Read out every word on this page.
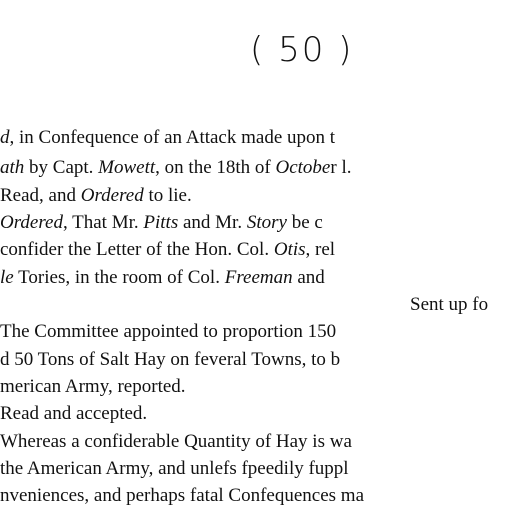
( 50 )
d, in Confequence of an Attack made upon t
ath by Capt. Mowett, on the 18th of October l.
Read, and Ordered to lie.
Ordered, That Mr. Pitts and Mr. Story be c
confider the Letter of the Hon. Col. Otis, rel
le Tories, in the room of Col. Freeman and
Sent up fo
The Committee appointed to proportion 150
d 50 Tons of Salt Hay on feveral Towns, to b
merican Army, reported.
Read and accepted.
Whereas a confiderable Quantity of Hay is wa
the American Army, and unlefs fpeedily fuppl
nveniences, and perhaps fatal Confequences ma
